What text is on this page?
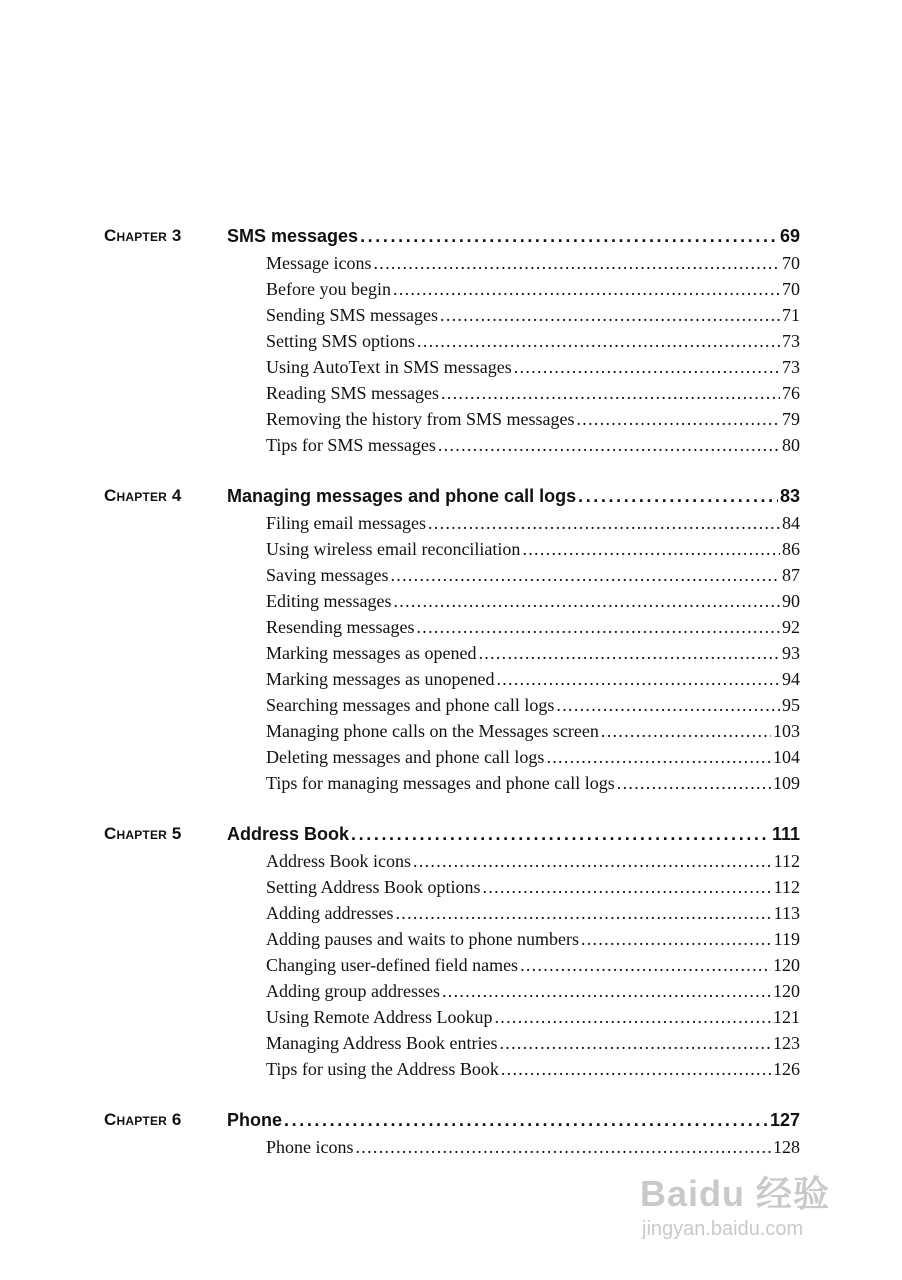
Chapter 3	SMS messages . . .	69
Message icons . . .	70
Before you begin . . .	70
Sending SMS messages . . .	71
Setting SMS options . . .	73
Using AutoText in SMS messages . . .	73
Reading SMS messages . . .	76
Removing the history from SMS messages . . .	79
Tips for SMS messages . . .	80
Chapter 4	Managing messages and phone call logs . . .	83
Filing email messages . . .	84
Using wireless email reconciliation . . .	86
Saving messages . . .	87
Editing messages . . .	90
Resending messages . . .	92
Marking messages as opened . . .	93
Marking messages as unopened . . .	94
Searching messages and phone call logs . . .	95
Managing phone calls on the Messages screen . . .	103
Deleting messages and phone call logs . . .	104
Tips for managing messages and phone call logs . . .	109
Chapter 5	Address Book . . .	111
Address Book icons . . .	112
Setting Address Book options . . .	112
Adding addresses . . .	113
Adding pauses and waits to phone numbers . . .	119
Changing user-defined field names . . .	120
Adding group addresses . . .	120
Using Remote Address Lookup . . .	121
Managing Address Book entries . . .	123
Tips for using the Address Book . . .	126
Chapter 6	Phone . . .	127
Phone icons . . .	128
Baidu 经验
jingyan.baidu.com
